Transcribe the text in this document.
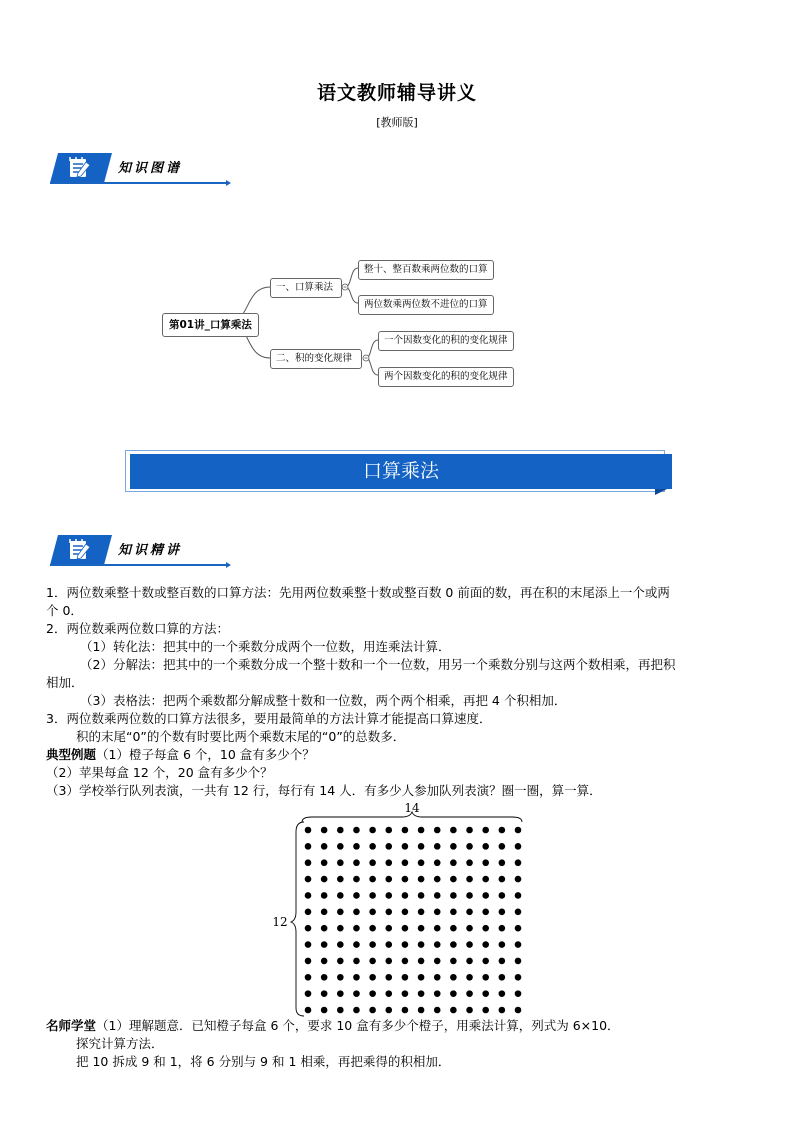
语文教师辅导讲义
[教师版]
知识图谱
第01讲_口算乘法
一、口算乘法
二、积的变化规律
整十、整百数乘两位数的口算
两位数乘两位数不进位的口算
一个因数变化的积的变化规律
两个因数变化的积的变化规律
口算乘法
知识精讲
1．两位数乘整十数或整百数的口算方法：先用两位数乘整十数或整百数 0 前面的数，再在积的末尾添上一个或两
个 0．
2．两位数乘两位数口算的方法：
（1）转化法：把其中的一个乘数分成两个一位数，用连乘法计算．
（2）分解法：把其中的一个乘数分成一个整十数和一个一位数，用另一个乘数分别与这两个数相乘，再把积
相加．
（3）表格法：把两个乘数都分解成整十数和一位数，两个两个相乘，再把 4 个积相加．
3．两位数乘两位数的口算方法很多，要用最简单的方法计算才能提高口算速度．
积的末尾“0”的个数有时要比两个乘数末尾的“0”的总数多．
典型例题（1）橙子每盒 6 个，10 盒有多少个？
（2）苹果每盒 12 个，20 盒有多少个？
（3）学校举行队列表演，一共有 12 行，每行有 14 人．有多少人参加队列表演？圈一圈，算一算．
14
12
名师学堂（1）理解题意．已知橙子每盒 6 个，要求 10 盒有多少个橙子，用乘法计算，列式为 6×10．
探究计算方法．
把 10 拆成 9 和 1，将 6 分别与 9 和 1 相乘，再把乘得的积相加．
